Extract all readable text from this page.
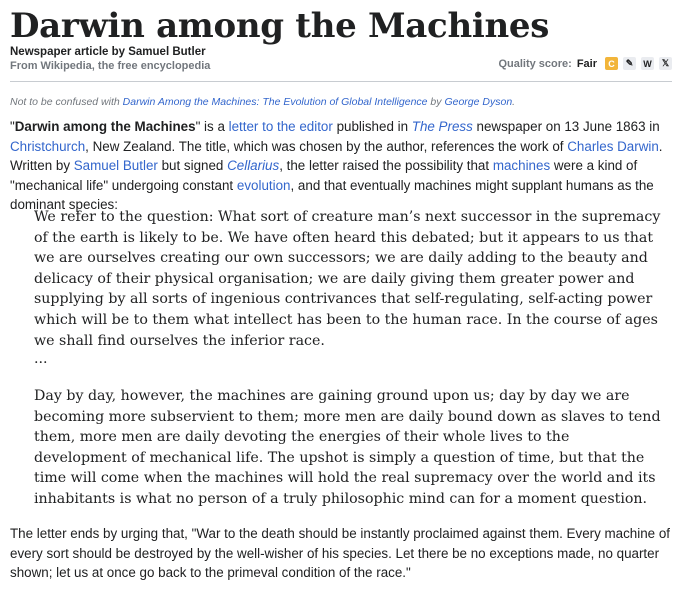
Darwin among the Machines
Newspaper article by Samuel Butler
From Wikipedia, the free encyclopedia	Quality score: Fair	C	✎	W	𝕏
Not to be confused with Darwin Among the Machines: The Evolution of Global Intelligence by George Dyson.
"Darwin among the Machines" is a letter to the editor published in The Press newspaper on 13 June 1863 in Christchurch, New Zealand. The title, which was chosen by the author, references the work of Charles Darwin. Written by Samuel Butler but signed Cellarius, the letter raised the possibility that machines were a kind of "mechanical life" undergoing constant evolution, and that eventually machines might supplant humans as the dominant species:

We refer to the question: What sort of creature man’s next successor in the supremacy of the earth is likely to be. We have often heard this debated; but it appears to us that we are ourselves creating our own successors; we are daily adding to the beauty and delicacy of their physical organisation; we are daily giving them greater power and supplying by all sorts of ingenious contrivances that self-regulating, self-acting power which will be to them what intellect has been to the human race. In the course of ages we shall find ourselves the inferior race.

...

Day by day, however, the machines are gaining ground upon us; day by day we are becoming more subservient to them; more men are daily bound down as slaves to tend them, more men are daily devoting the energies of their whole lives to the development of mechanical life. The upshot is simply a question of time, but that the time will come when the machines will hold the real supremacy over the world and its inhabitants is what no person of a truly philosophic mind can for a moment question.

The letter ends by urging that, "War to the death should be instantly proclaimed against them. Every machine of every sort should be destroyed by the well-wisher of his species. Let there be no exceptions made, no quarter shown; let us at once go back to the primeval condition of the race."
